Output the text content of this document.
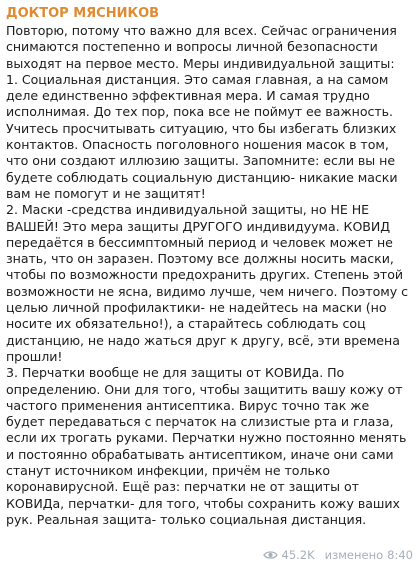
ДОКТОР МЯСНИКОВ

Повторю, потому что важно для всех. Сейчас ограничения снимаются постепенно и вопросы личной безопасности выходят на первое место. Меры индивидуальной защиты:

1. Социальная дистанция. Это самая главная, а на самом деле единственно эффективная мера. И самая трудно исполнимая. До тех пор, пока все не поймут ее важность. Учитесь просчитывать ситуацию, что бы избегать близких контактов. Опасность поголовного ношения масок в том, что они создают иллюзию защиты. Запомните: если вы не будете соблюдать социальную дистанцию- никакие маски вам не помогут и не защитят!

2. Маски -средства индивидуальной защиты, но НЕ НЕ ВАШЕЙ! Это мера защиты ДРУГОГО индивидуума. КОВИД передаётся в бессимптомный период и человек может не знать, что он заразен. Поэтому все должны носить маски, чтобы по возможности предохранить других. Степень этой возможности не ясна, видимо лучше, чем ничего. Поэтому с целью личной профилактики- не надейтесь на маски (но носите их обязательно!), а старайтесь соблюдать соц дистанцию, не надо жаться друг к другу, всё, эти времена прошли!

3. Перчатки вообще не для защиты от КОВИДа. По определению. Они для того, чтобы защитить вашу кожу от частого применения антисептика. Вирус точно так же будет передаваться с перчаток на слизистые рта и глаза, если их трогать руками. Перчатки нужно постоянно менять и постоянно обрабатывать антисептиком, иначе они сами станут источником инфекции, причём не только коронавирусной. Ещё раз: перчатки не от защиты от КОВИДа, перчатки- для того, чтобы сохранить кожу ваших рук. Реальная защита- только социальная дистанция.

45.2K изменено 8:40
